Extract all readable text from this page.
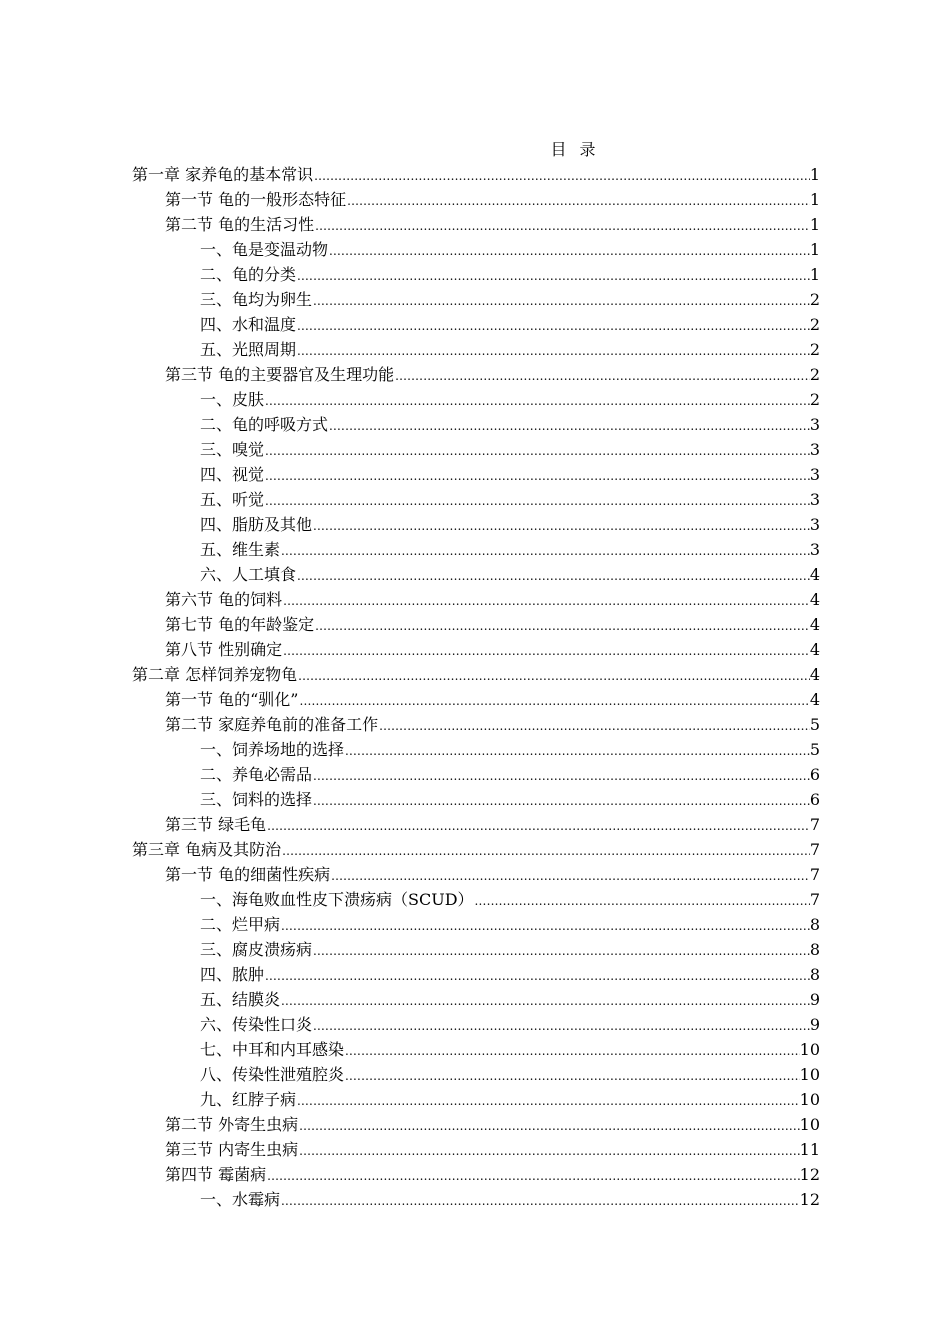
目 录
第一章 家养龟的基本常识 .....	1
第一节 龟的一般形态特征 .....	1
第二节 龟的生活习性 .....	1
一、龟是变温动物 .....	1
二、龟的分类 .....	1
三、龟均为卵生 .....	2
四、水和温度 .....	2
五、光照周期 .....	2
第三节 龟的主要器官及生理功能 .....	2
一、皮肤 .....	2
二、龟的呼吸方式 .....	3
三、嗅觉 .....	3
四、视觉 .....	3
五、听觉 .....	3
四、脂肪及其他 .....	3
五、维生素 .....	3
六、人工填食 .....	4
第六节 龟的饲料 .....	4
第七节 龟的年龄鉴定 .....	4
第八节 性别确定 .....	4
第二章 怎样饲养宠物龟 .....	4
第一节 龟的“驯化” .....	4
第二节 家庭养龟前的准备工作 .....	5
一、饲养场地的选择 .....	5
二、养龟必需品 .....	6
三、饲料的选择 .....	6
第三节 绿毛龟 .....	7
第三章 龟病及其防治 .....	7
第一节 龟的细菌性疾病 .....	7
一、海龟败血性皮下溃疡病（SCUD） .....	7
二、烂甲病 .....	8
三、腐皮溃疡病 .....	8
四、脓肿 .....	8
五、结膜炎 .....	9
六、传染性口炎 .....	9
七、中耳和内耳感染 .....	10
八、传染性泄殖腔炎 .....	10
九、红脖子病 .....	10
第二节 外寄生虫病 .....	10
第三节 内寄生虫病 .....	11
第四节 霉菌病 .....	12
一、水霉病 .....	12
